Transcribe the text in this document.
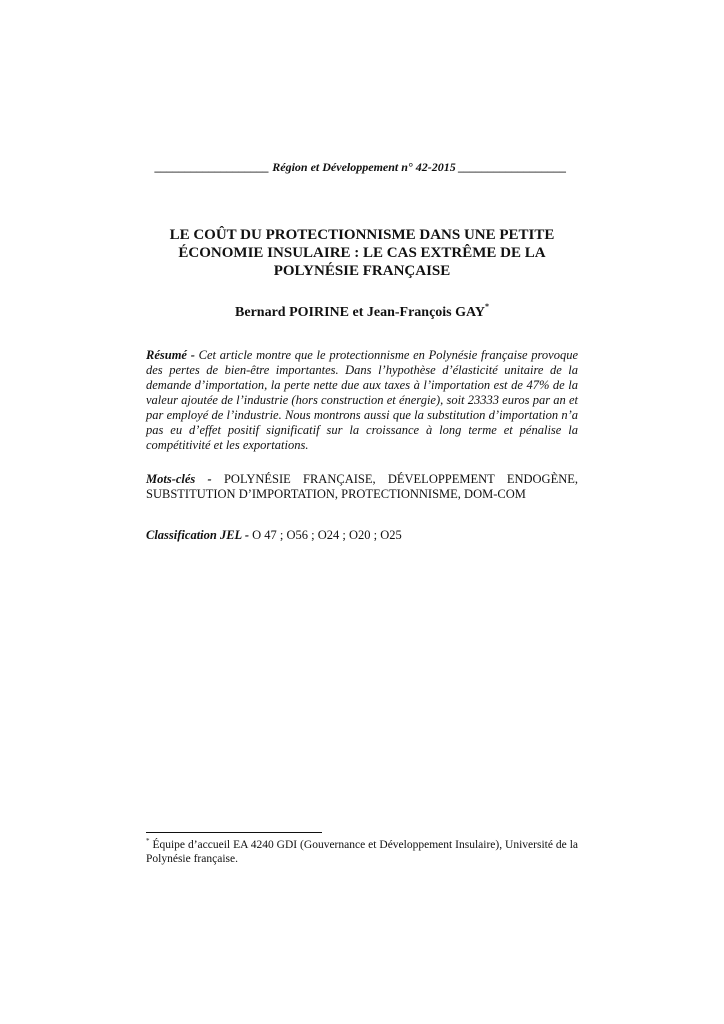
___________________ Région et Développement n° 42-2015 __________________
LE COÛT DU PROTECTIONNISME DANS UNE PETITE
ÉCONOMIE INSULAIRE : LE CAS EXTRÊME DE LA
POLYNÉSIE FRANÇAISE
Bernard POIRINE et Jean-François GAY*
Résumé - Cet article montre que le protectionnisme en Polynésie française provoque des pertes de bien-être importantes. Dans l’hypothèse d’élasticité unitaire de la demande d’importation, la perte nette due aux taxes à l’importation est de 47% de la valeur ajoutée de l’industrie (hors construction et énergie), soit 23333 euros par an et par employé de l’industrie. Nous montrons aussi que la substitution d’importation n’a pas eu d’effet positif significatif sur la croissance à long terme et pénalise la compétitivité et les exportations.
Mots-clés - POLYNÉSIE FRANÇAISE, DÉVELOPPEMENT ENDOGÈNE, SUBSTITUTION D’IMPORTATION, PROTECTIONNISME, DOM-COM
Classification JEL - O 47 ; O56 ; O24 ; O20 ; O25
* Équipe d’accueil EA 4240 GDI (Gouvernance et Développement Insulaire), Université de la Polynésie française.
